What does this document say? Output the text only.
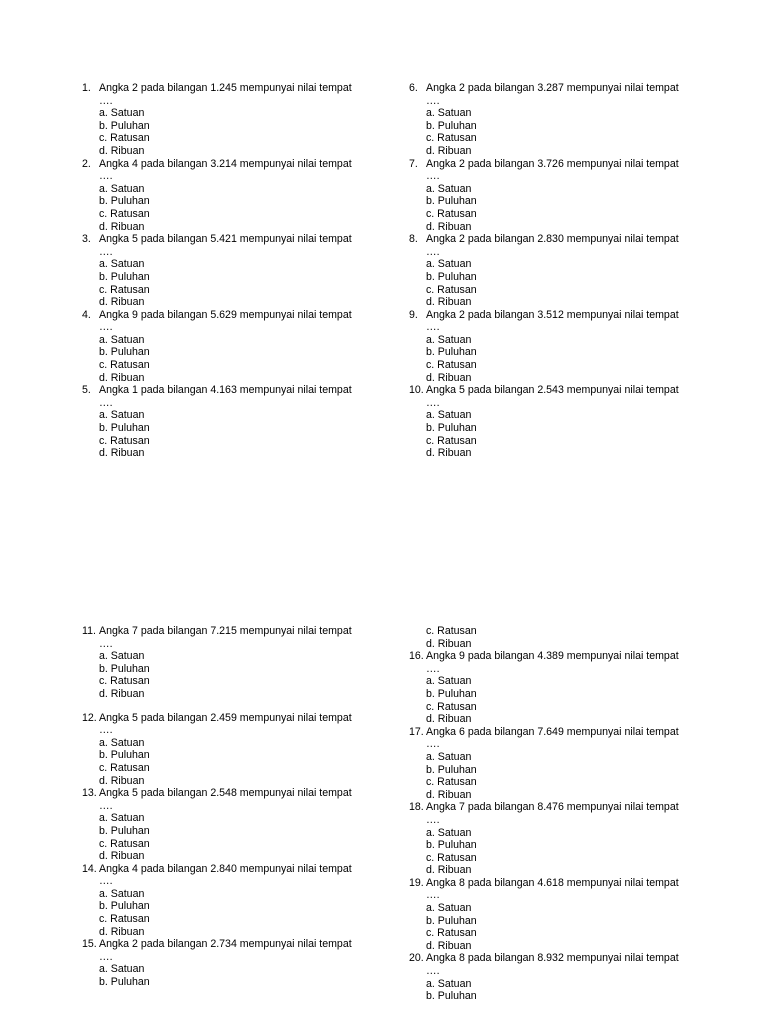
1. Angka 2 pada bilangan 1.245 mempunyai nilai tempat
….
a. Satuan
b. Puluhan
c. Ratusan
d. Ribuan
2. Angka 4 pada bilangan 3.214 mempunyai nilai tempat
….
a. Satuan
b. Puluhan
c. Ratusan
d. Ribuan
3. Angka 5 pada bilangan 5.421 mempunyai nilai tempat
….
a. Satuan
b. Puluhan
c. Ratusan
d. Ribuan
4. Angka 9 pada bilangan 5.629 mempunyai nilai tempat
….
a. Satuan
b. Puluhan
c. Ratusan
d. Ribuan
5. Angka 1 pada bilangan 4.163 mempunyai nilai tempat
….
a. Satuan
b. Puluhan
c. Ratusan
d. Ribuan
6. Angka 2 pada bilangan 3.287 mempunyai nilai tempat
….
a. Satuan
b. Puluhan
c. Ratusan
d. Ribuan
7. Angka 2 pada bilangan 3.726 mempunyai nilai tempat
….
a. Satuan
b. Puluhan
c. Ratusan
d. Ribuan
8. Angka 2 pada bilangan 2.830 mempunyai nilai tempat
….
a. Satuan
b. Puluhan
c. Ratusan
d. Ribuan
9. Angka 2 pada bilangan 3.512 mempunyai nilai tempat
….
a. Satuan
b. Puluhan
c. Ratusan
d. Ribuan
10. Angka 5 pada bilangan 2.543 mempunyai nilai tempat
….
a. Satuan
b. Puluhan
c. Ratusan
d. Ribuan
11. Angka 7 pada bilangan 7.215 mempunyai nilai tempat
….
a. Satuan
b. Puluhan
c. Ratusan
d. Ribuan
12. Angka 5 pada bilangan 2.459 mempunyai nilai tempat
….
a. Satuan
b. Puluhan
c. Ratusan
d. Ribuan
13. Angka 5 pada bilangan 2.548 mempunyai nilai tempat
….
a. Satuan
b. Puluhan
c. Ratusan
d. Ribuan
14. Angka 4 pada bilangan 2.840 mempunyai nilai tempat
….
a. Satuan
b. Puluhan
c. Ratusan
d. Ribuan
15. Angka 2 pada bilangan 2.734 mempunyai nilai tempat
….
a. Satuan
b. Puluhan
c. Ratusan
d. Ribuan
16. Angka 9 pada bilangan 4.389 mempunyai nilai tempat
….
a. Satuan
b. Puluhan
c. Ratusan
d. Ribuan
17. Angka 6 pada bilangan 7.649 mempunyai nilai tempat
….
a. Satuan
b. Puluhan
c. Ratusan
d. Ribuan
18. Angka 7 pada bilangan 8.476 mempunyai nilai tempat
….
a. Satuan
b. Puluhan
c. Ratusan
d. Ribuan
19. Angka 8 pada bilangan 4.618 mempunyai nilai tempat
….
a. Satuan
b. Puluhan
c. Ratusan
d. Ribuan
20. Angka 8 pada bilangan 8.932 mempunyai nilai tempat
….
a. Satuan
b. Puluhan
